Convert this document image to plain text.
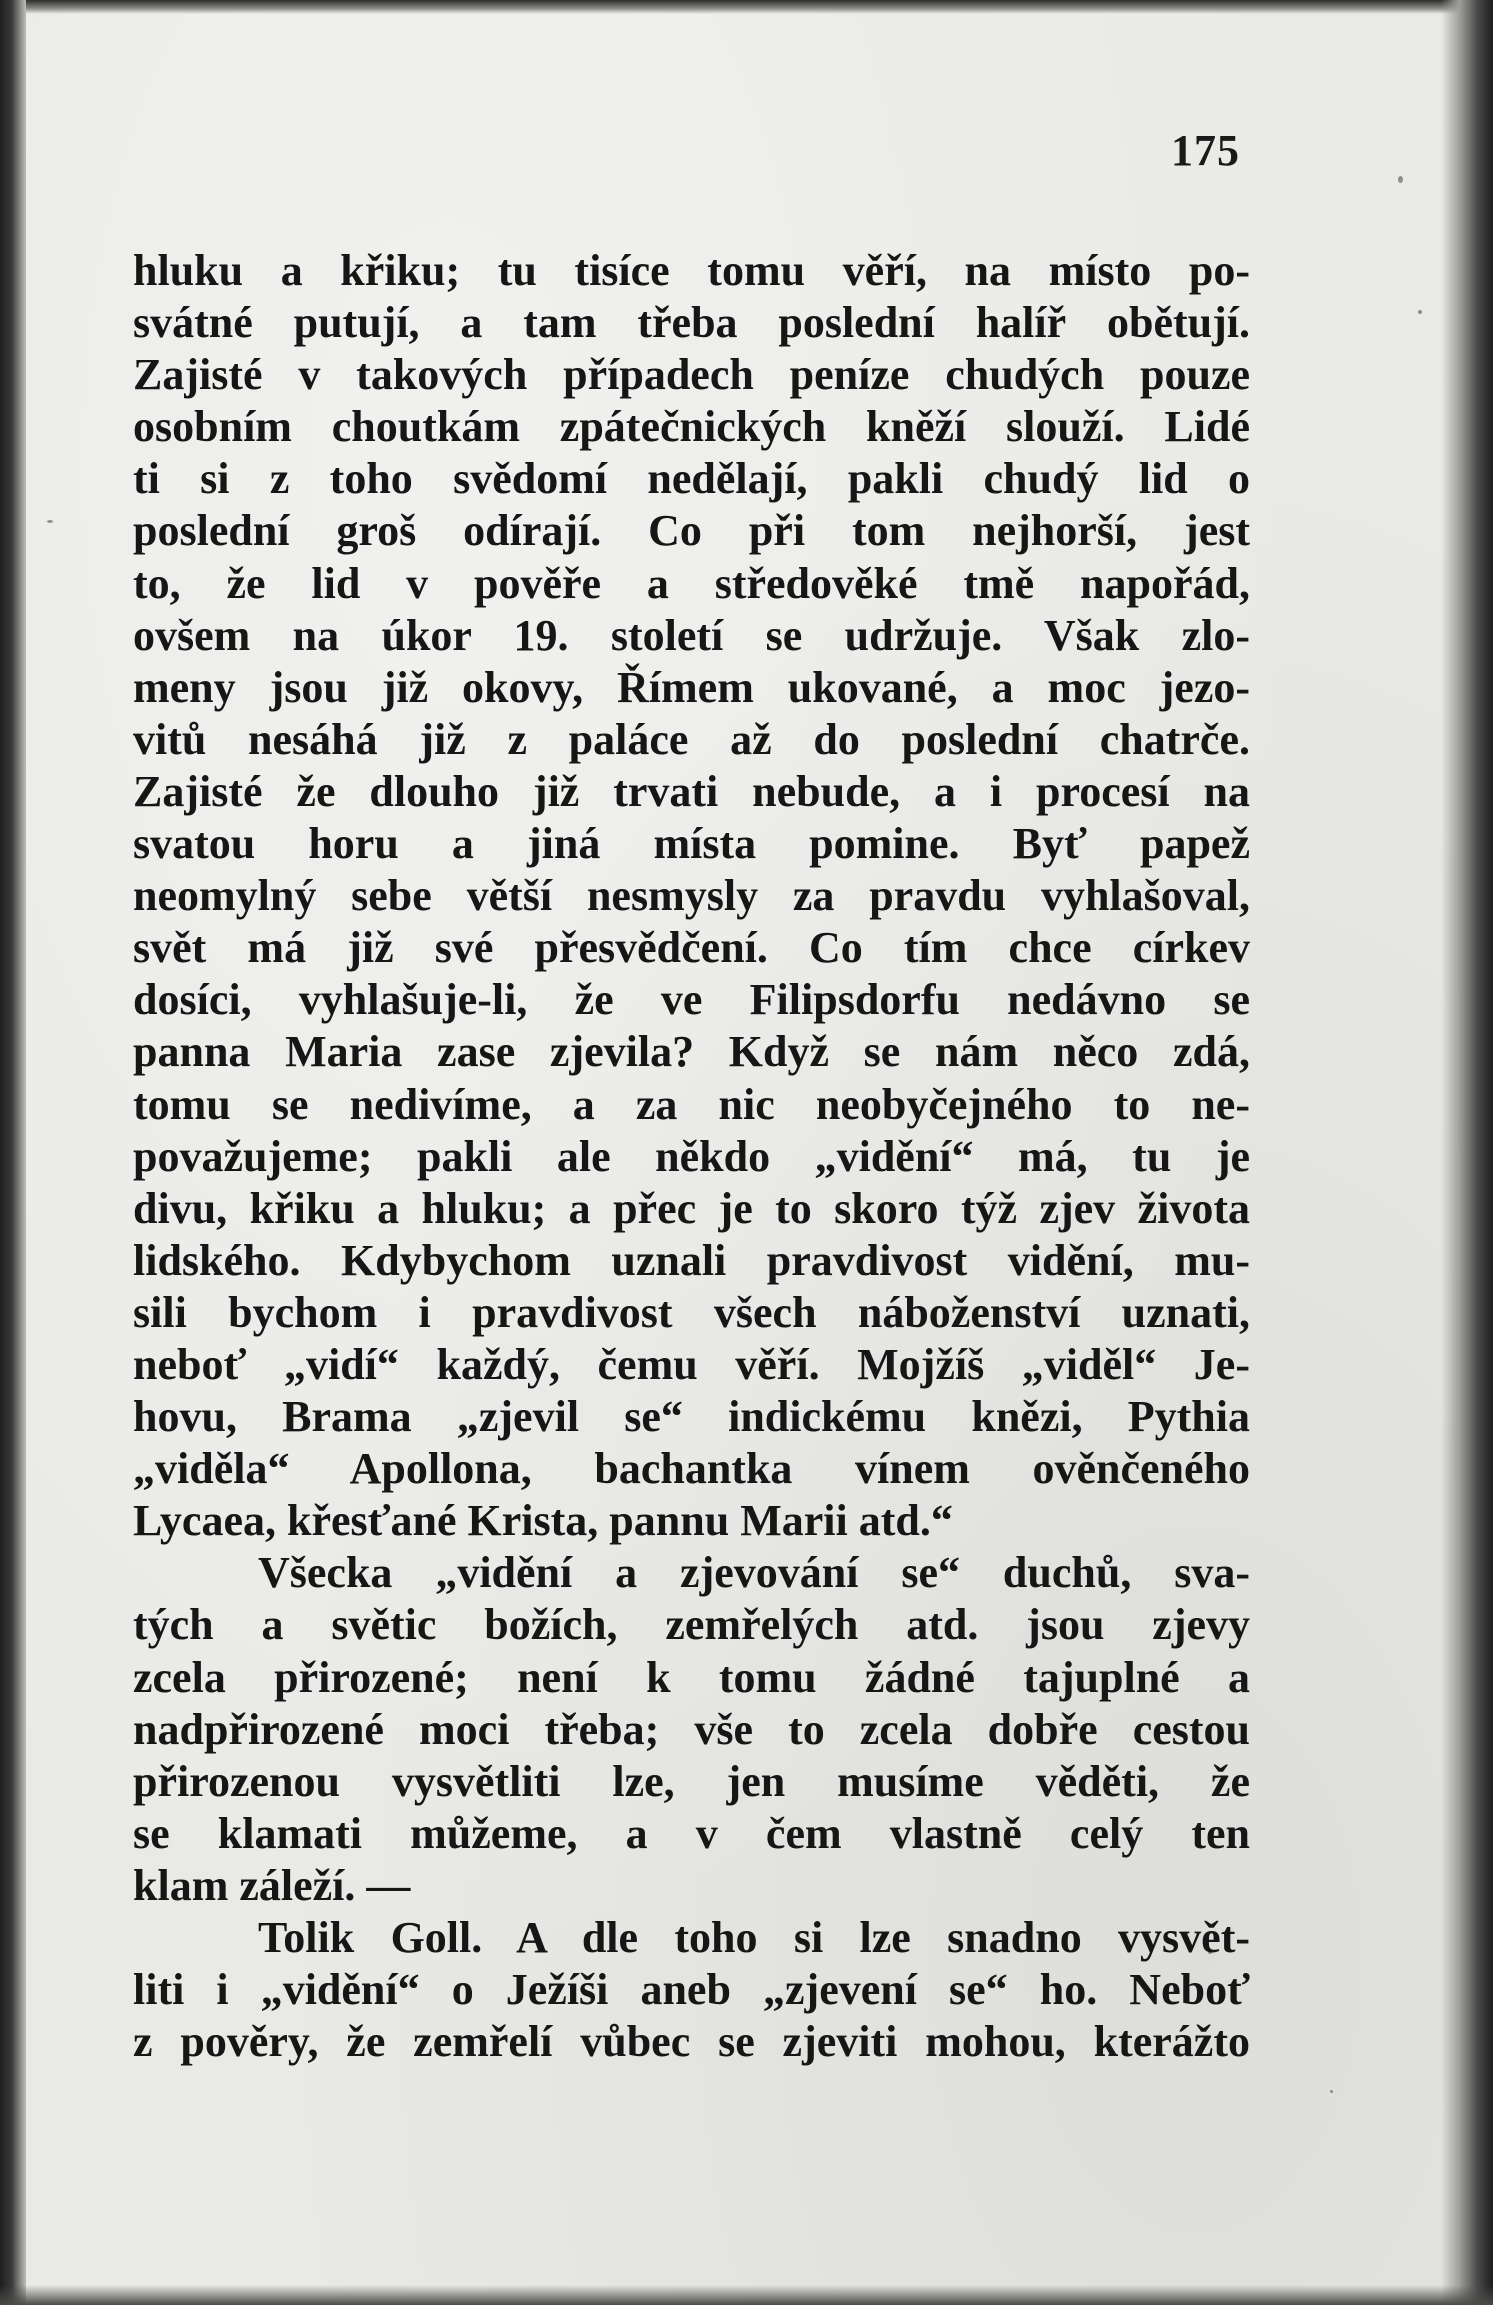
175
hluku a křiku; tu tisíce tomu věří, na místo po-
svátné putují, a tam třeba poslední halíř obětují.
Zajisté v takových případech peníze chudých pouze
osobním choutkám zpátečnických kněží slouží. Lidé
ti si z toho svědomí nedělají, pakli chudý lid o
poslední groš odírají. Co při tom nejhorší, jest
to, že lid v pověře a středověké tmě napořád,
ovšem na úkor 19. století se udržuje. Však zlo-
meny jsou již okovy, Římem ukované, a moc jezo-
vitů nesáhá již z paláce až do poslední chatrče.
Zajisté že dlouho již trvati nebude, a i procesí na
svatou horu a jiná místa pomine. Byť papež
neomylný sebe větší nesmysly za pravdu vyhlašoval,
svět má již své přesvědčení. Co tím chce církev
dosíci, vyhlašuje-li, že ve Filipsdorfu nedávno se
panna Maria zase zjevila? Když se nám něco zdá,
tomu se nedivíme, a za nic neobyčejného to ne-
považujeme; pakli ale někdo „vidění“ má, tu je
divu, křiku a hluku; a přec je to skoro týž zjev života
lidského. Kdybychom uznali pravdivost vidění, mu-
sili bychom i pravdivost všech náboženství uznati,
neboť „vidí“ každý, čemu věří. Mojžíš „viděl“ Je-
hovu, Brama „zjevil se“ indickému knězi, Pythia
„viděla“ Apollona, bachantka vínem ověnčeného
Lycaea, křesťané Krista, pannu Marii atd.“
Všecka „vidění a zjevování se“ duchů, sva-
tých a světic božích, zemřelých atd. jsou zjevy
zcela přirozené; není k tomu žádné tajuplné a
nadpřirozené moci třeba; vše to zcela dobře cestou
přirozenou vysvětliti lze, jen musíme věděti, že
se klamati můžeme, a v čem vlastně celý ten
klam záleží. —
Tolik Goll. A dle toho si lze snadno vysvět-
liti i „vidění“ o Ježíši aneb „zjevení se“ ho. Neboť
z pověry, že zemřelí vůbec se zjeviti mohou, kterážto
